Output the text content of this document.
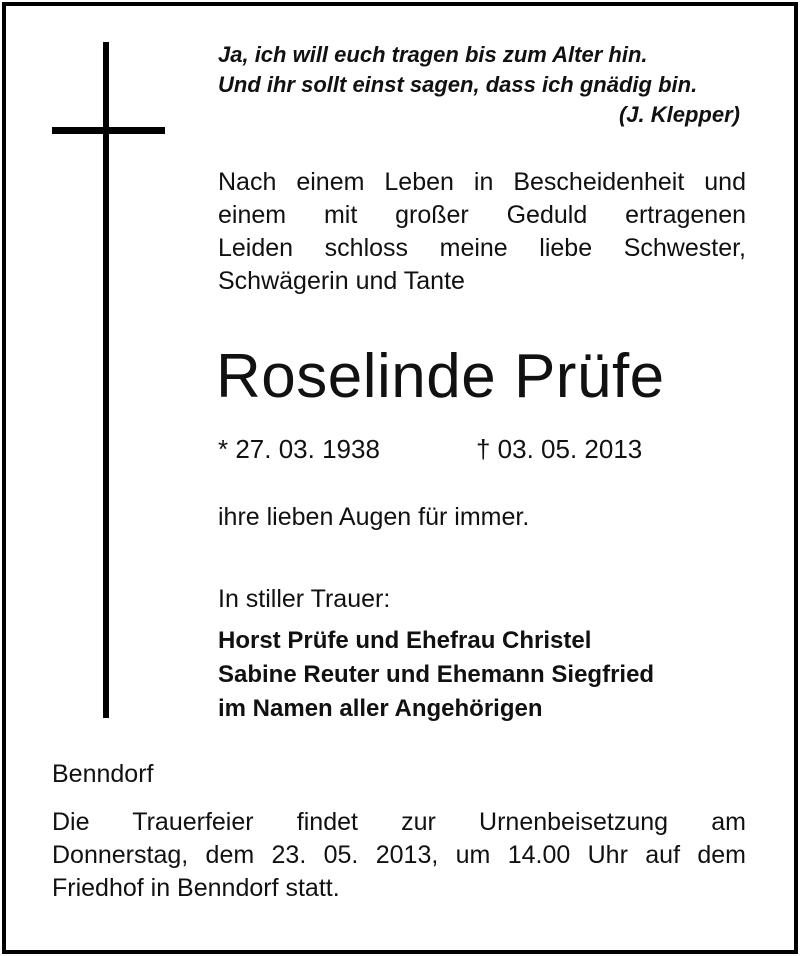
Ja, ich will euch tragen bis zum Alter hin.
Und ihr sollt einst sagen, dass ich gnädig bin.
(J. Klepper)
Nach einem Leben in Bescheidenheit und
einem mit großer Geduld ertragenen
Leiden schloss meine liebe Schwester,
Schwägerin und Tante
Roselinde Prüfe
* 27. 03. 1938	† 03. 05. 2013
ihre lieben Augen für immer.
In stiller Trauer:
Horst Prüfe und Ehefrau Christel
Sabine Reuter und Ehemann Siegfried
im Namen aller Angehörigen
Benndorf
Die Trauerfeier findet zur Urnenbeisetzung am
Donnerstag, dem 23. 05. 2013, um 14.00 Uhr auf dem
Friedhof in Benndorf statt.
